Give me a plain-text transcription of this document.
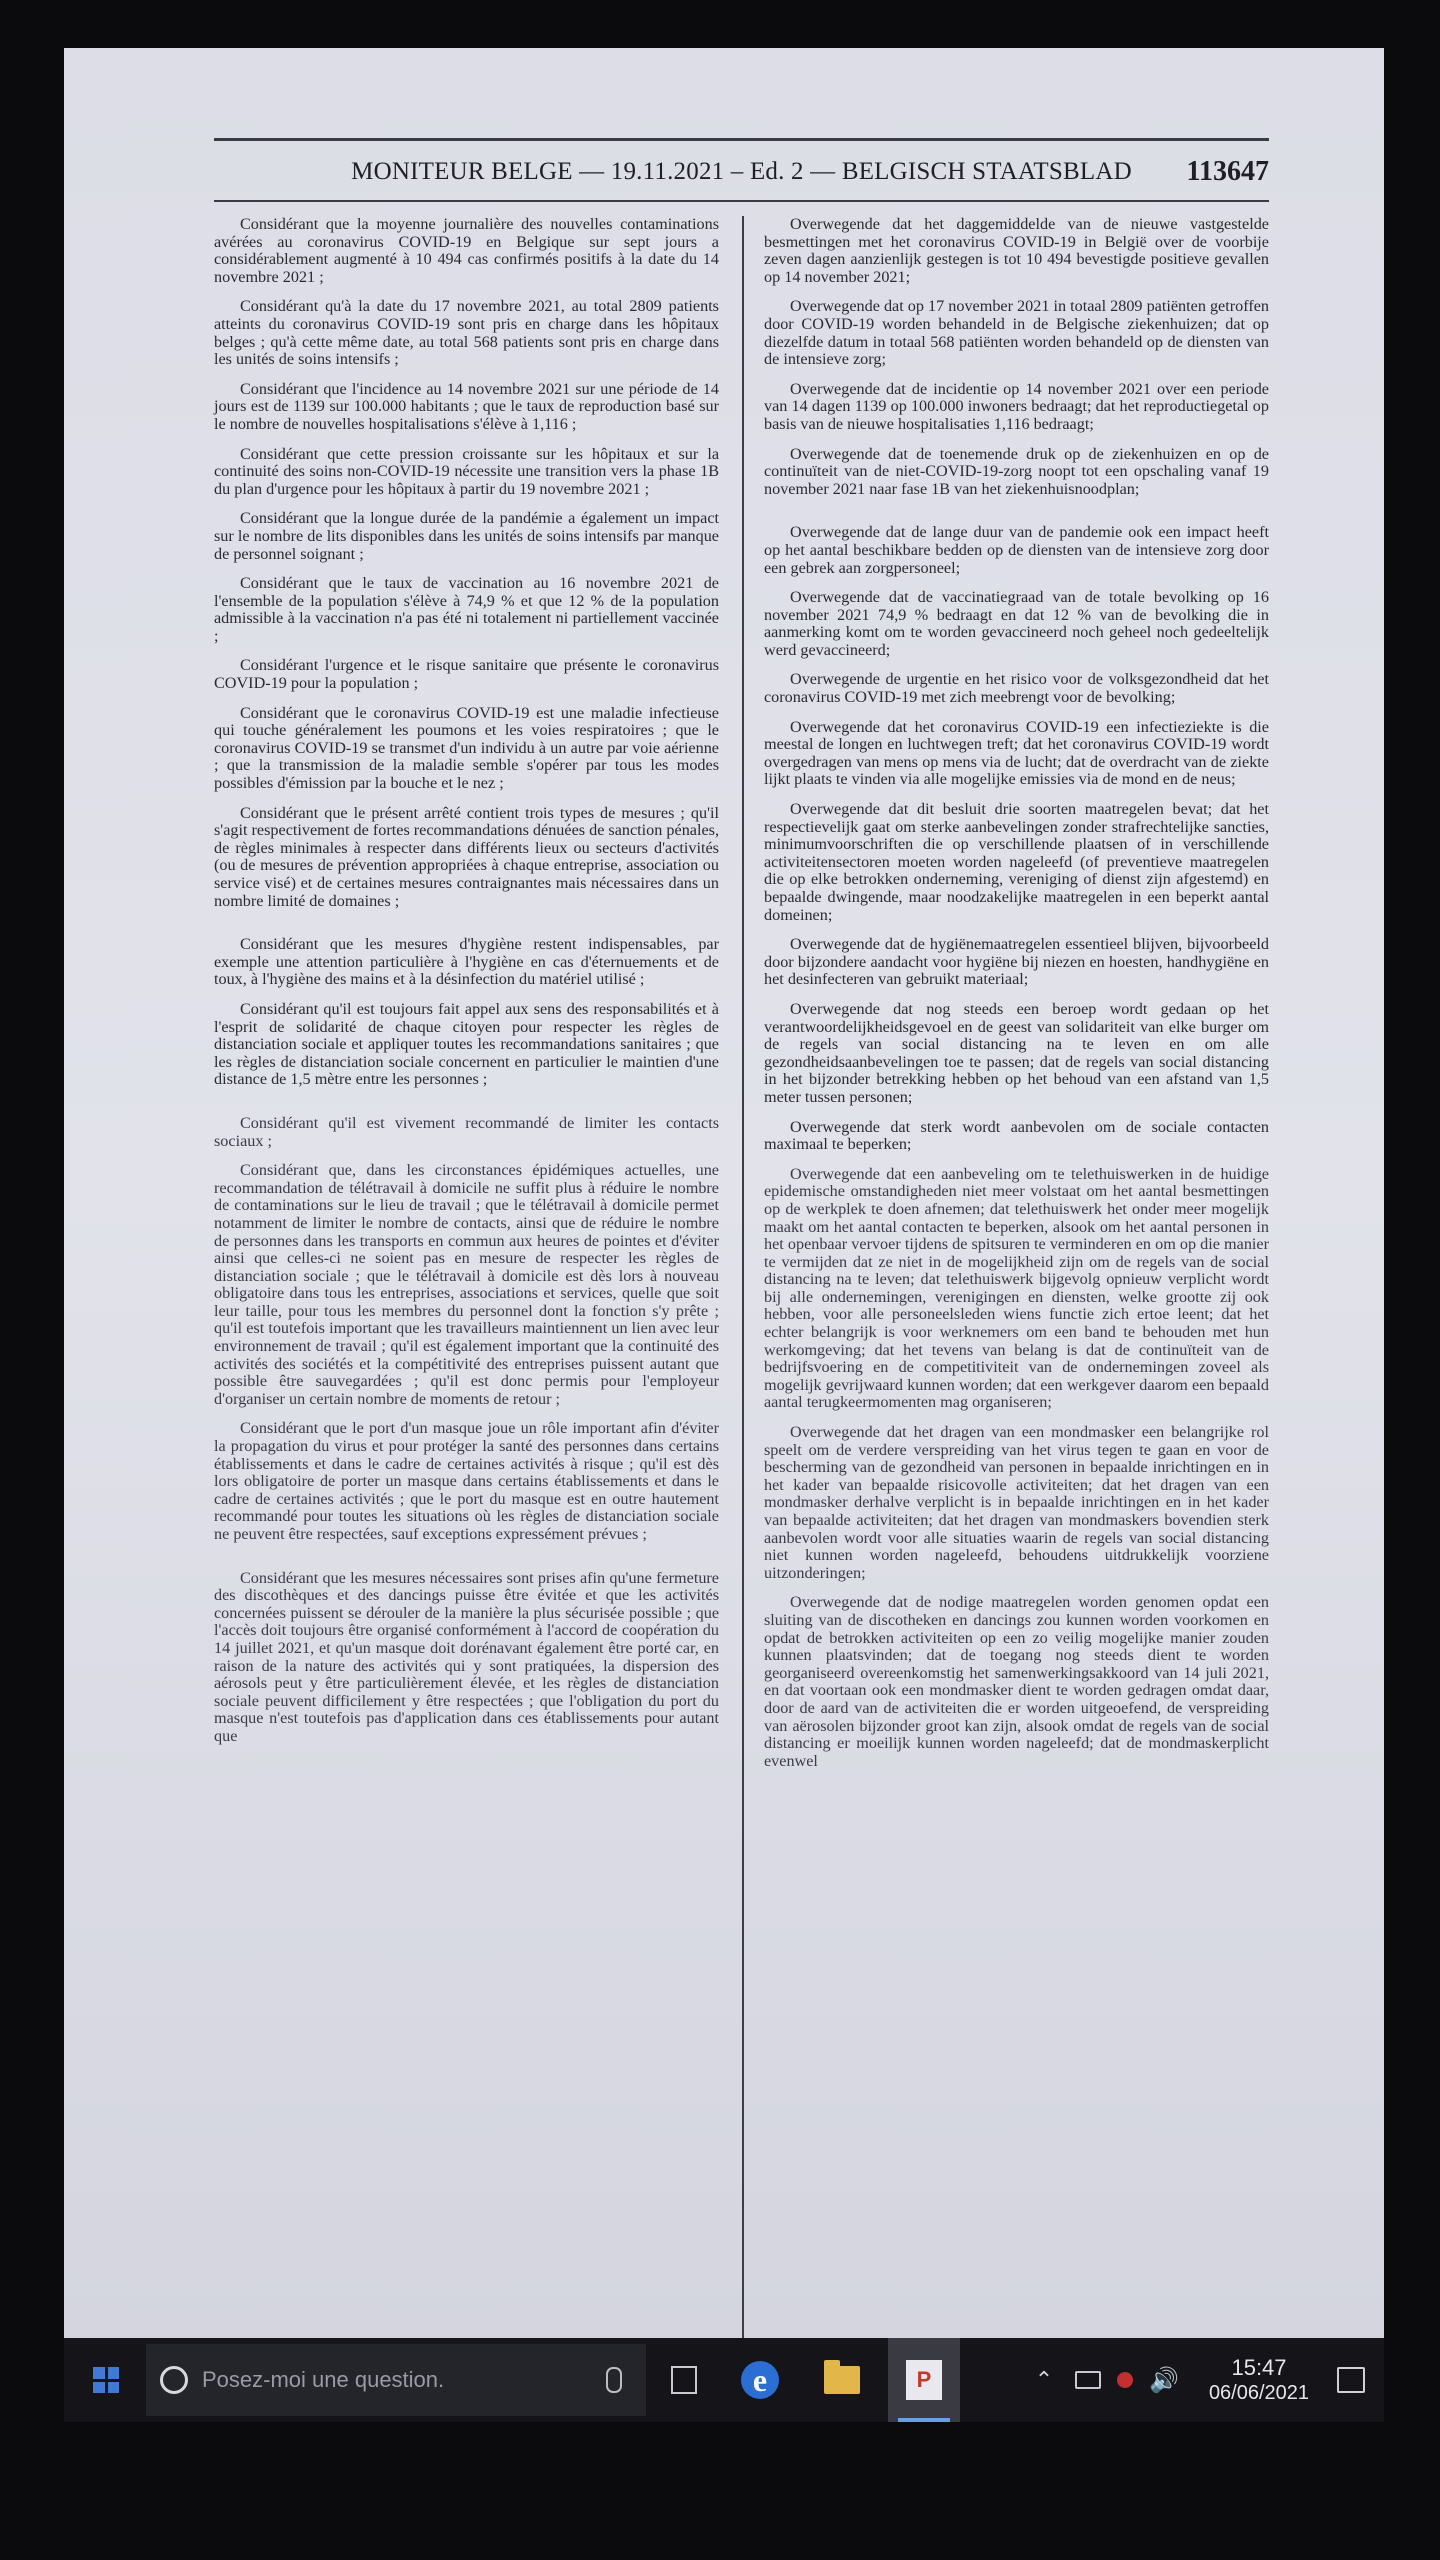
MONITEUR BELGE — 19.11.2021 – Ed. 2 — BELGISCH STAATSBLAD	113647

Considérant que la moyenne journalière des nouvelles contaminations avérées au coronavirus COVID-19 en Belgique sur sept jours a considérablement augmenté à 10 494 cas confirmés positifs à la date du 14 novembre 2021 ;

Considérant qu'à la date du 17 novembre 2021, au total 2809 patients atteints du coronavirus COVID-19 sont pris en charge dans les hôpitaux belges ; qu'à cette même date, au total 568 patients sont pris en charge dans les unités de soins intensifs ;

Considérant que l'incidence au 14 novembre 2021 sur une période de 14 jours est de 1139 sur 100.000 habitants ; que le taux de reproduction basé sur le nombre de nouvelles hospitalisations s'élève à 1,116 ;

Considérant que cette pression croissante sur les hôpitaux et sur la continuité des soins non-COVID-19 nécessite une transition vers la phase 1B du plan d'urgence pour les hôpitaux à partir du 19 novembre 2021 ;

Considérant que la longue durée de la pandémie a également un impact sur le nombre de lits disponibles dans les unités de soins intensifs par manque de personnel soignant ;

Considérant que le taux de vaccination au 16 novembre 2021 de l'ensemble de la population s'élève à 74,9 % et que 12 % de la population admissible à la vaccination n'a pas été ni totalement ni partiellement vaccinée ;

Considérant l'urgence et le risque sanitaire que présente le coronavirus COVID-19 pour la population ;

Considérant que le coronavirus COVID-19 est une maladie infectieuse qui touche généralement les poumons et les voies respiratoires ; que le coronavirus COVID-19 se transmet d'un individu à un autre par voie aérienne ; que la transmission de la maladie semble s'opérer par tous les modes possibles d'émission par la bouche et le nez ;

Considérant que le présent arrêté contient trois types de mesures ; qu'il s'agit respectivement de fortes recommandations dénuées de sanction pénales, de règles minimales à respecter dans différents lieux ou secteurs d'activités (ou de mesures de prévention appropriées à chaque entreprise, association ou service visé) et de certaines mesures contraignantes mais nécessaires dans un nombre limité de domaines ;

Considérant que les mesures d'hygiène restent indispensables, par exemple une attention particulière à l'hygiène en cas d'éternuements et de toux, à l'hygiène des mains et à la désinfection du matériel utilisé ;

Considérant qu'il est toujours fait appel aux sens des responsabilités et à l'esprit de solidarité de chaque citoyen pour respecter les règles de distanciation sociale et appliquer toutes les recommandations sanitaires ; que les règles de distanciation sociale concernent en particulier le maintien d'une distance de 1,5 mètre entre les personnes ;

Considérant qu'il est vivement recommandé de limiter les contacts sociaux ;

Considérant que, dans les circonstances épidémiques actuelles, une recommandation de télétravail à domicile ne suffit plus à réduire le nombre de contaminations sur le lieu de travail ; que le télétravail à domicile permet notamment de limiter le nombre de contacts, ainsi que de réduire le nombre de personnes dans les transports en commun aux heures de pointes et d'éviter ainsi que celles-ci ne soient pas en mesure de respecter les règles de distanciation sociale ; que le télétravail à domicile est dès lors à nouveau obligatoire dans tous les entreprises, associations et services, quelle que soit leur taille, pour tous les membres du personnel dont la fonction s'y prête ; qu'il est toutefois important que les travailleurs maintiennent un lien avec leur environnement de travail ; qu'il est également important que la continuité des activités des sociétés et la compétitivité des entreprises puissent autant que possible être sauvegardées ; qu'il est donc permis pour l'employeur d'organiser un certain nombre de moments de retour ;

Considérant que le port d'un masque joue un rôle important afin d'éviter la propagation du virus et pour protéger la santé des personnes dans certains établissements et dans le cadre de certaines activités à risque ; qu'il est dès lors obligatoire de porter un masque dans certains établissements et dans le cadre de certaines activités ; que le port du masque est en outre hautement recommandé pour toutes les situations où les règles de distanciation sociale ne peuvent être respectées, sauf exceptions expressément prévues ;

Considérant que les mesures nécessaires sont prises afin qu'une fermeture des discothèques et des dancings puisse être évitée et que les activités concernées puissent se dérouler de la manière la plus sécurisée possible ; que l'accès doit toujours être organisé conformément à l'accord de coopération du 14 juillet 2021, et qu'un masque doit dorénavant également être porté car, en raison de la nature des activités qui y sont pratiquées, la dispersion des aérosols peut y être particulièrement élevée, et les règles de distanciation sociale peuvent difficilement y être respectées ; que l'obligation du port du masque n'est toutefois pas d'application dans ces établissements pour autant que

Overwegende dat het daggemiddelde van de nieuwe vastgestelde besmettingen met het coronavirus COVID-19 in België over de voorbije zeven dagen aanzienlijk gestegen is tot 10 494 bevestigde positieve gevallen op 14 november 2021;

Overwegende dat op 17 november 2021 in totaal 2809 patiënten getroffen door COVID-19 worden behandeld in de Belgische ziekenhuizen; dat op diezelfde datum in totaal 568 patiënten worden behandeld op de diensten van de intensieve zorg;

Overwegende dat de incidentie op 14 november 2021 over een periode van 14 dagen 1139 op 100.000 inwoners bedraagt; dat het reproductiegetal op basis van de nieuwe hospitalisaties 1,116 bedraagt;

Overwegende dat de toenemende druk op de ziekenhuizen en op de continuïteit van de niet-COVID-19-zorg noopt tot een opschaling vanaf 19 november 2021 naar fase 1B van het ziekenhuisnoodplan;

Overwegende dat de lange duur van de pandemie ook een impact heeft op het aantal beschikbare bedden op de diensten van de intensieve zorg door een gebrek aan zorgpersoneel;

Overwegende dat de vaccinatiegraad van de totale bevolking op 16 november 2021 74,9 % bedraagt en dat 12 % van de bevolking die in aanmerking komt om te worden gevaccineerd noch geheel noch gedeeltelijk werd gevaccineerd;

Overwegende de urgentie en het risico voor de volksgezondheid dat het coronavirus COVID-19 met zich meebrengt voor de bevolking;

Overwegende dat het coronavirus COVID-19 een infectieziekte is die meestal de longen en luchtwegen treft; dat het coronavirus COVID-19 wordt overgedragen van mens op mens via de lucht; dat de overdracht van de ziekte lijkt plaats te vinden via alle mogelijke emissies via de mond en de neus;

Overwegende dat dit besluit drie soorten maatregelen bevat; dat het respectievelijk gaat om sterke aanbevelingen zonder strafrechtelijke sancties, minimumvoorschriften die op verschillende plaatsen of in verschillende activiteitensectoren moeten worden nageleefd (of preventieve maatregelen die op elke betrokken onderneming, vereniging of dienst zijn afgestemd) en bepaalde dwingende, maar noodzakelijke maatregelen in een beperkt aantal domeinen;

Overwegende dat de hygiënemaatregelen essentieel blijven, bijvoorbeeld door bijzondere aandacht voor hygiëne bij niezen en hoesten, handhygiëne en het desinfecteren van gebruikt materiaal;

Overwegende dat nog steeds een beroep wordt gedaan op het verantwoordelijkheidsgevoel en de geest van solidariteit van elke burger om de regels van social distancing na te leven en om alle gezondheidsaanbevelingen toe te passen; dat de regels van social distancing in het bijzonder betrekking hebben op het behoud van een afstand van 1,5 meter tussen personen;

Overwegende dat sterk wordt aanbevolen om de sociale contacten maximaal te beperken;

Overwegende dat een aanbeveling om te telethuiswerken in de huidige epidemische omstandigheden niet meer volstaat om het aantal besmettingen op de werkplek te doen afnemen; dat telethuiswerk het onder meer mogelijk maakt om het aantal contacten te beperken, alsook om het aantal personen in het openbaar vervoer tijdens de spitsuren te verminderen en om op die manier te vermijden dat ze niet in de mogelijkheid zijn om de regels van de social distancing na te leven; dat telethuiswerk bijgevolg opnieuw verplicht wordt bij alle ondernemingen, verenigingen en diensten, welke grootte zij ook hebben, voor alle personeelsleden wiens functie zich ertoe leent; dat het echter belangrijk is voor werknemers om een band te behouden met hun werkomgeving; dat het tevens van belang is dat de continuïteit van de bedrijfsvoering en de competitiviteit van de ondernemingen zoveel als mogelijk gevrijwaard kunnen worden; dat een werkgever daarom een bepaald aantal terugkeermomenten mag organiseren;

Overwegende dat het dragen van een mondmasker een belangrijke rol speelt om de verdere verspreiding van het virus tegen te gaan en voor de bescherming van de gezondheid van personen in bepaalde inrichtingen en in het kader van bepaalde risicovolle activiteiten; dat het dragen van een mondmasker derhalve verplicht is in bepaalde inrichtingen en in het kader van bepaalde activiteiten; dat het dragen van mondmaskers bovendien sterk aanbevolen wordt voor alle situaties waarin de regels van social distancing niet kunnen worden nageleefd, behoudens uitdrukkelijk voorziene uitzonderingen;

Overwegende dat de nodige maatregelen worden genomen opdat een sluiting van de discotheken en dancings zou kunnen worden voorkomen en opdat de betrokken activiteiten op een zo veilig mogelijke manier zouden kunnen plaatsvinden; dat de toegang nog steeds dient te worden georganiseerd overeenkomstig het samenwerkingsakkoord van 14 juli 2021, en dat voortaan ook een mondmasker dient te worden gedragen omdat daar, door de aard van de activiteiten die er worden uitgeoefend, de verspreiding van aërosolen bijzonder groot kan zijn, alsook omdat de regels van de social distancing er moeilijk kunnen worden nageleefd; dat de mondmaskerplicht evenwel

Posez-moi une question.	e	P	⌃	🔊 15:47
06/06/2021
